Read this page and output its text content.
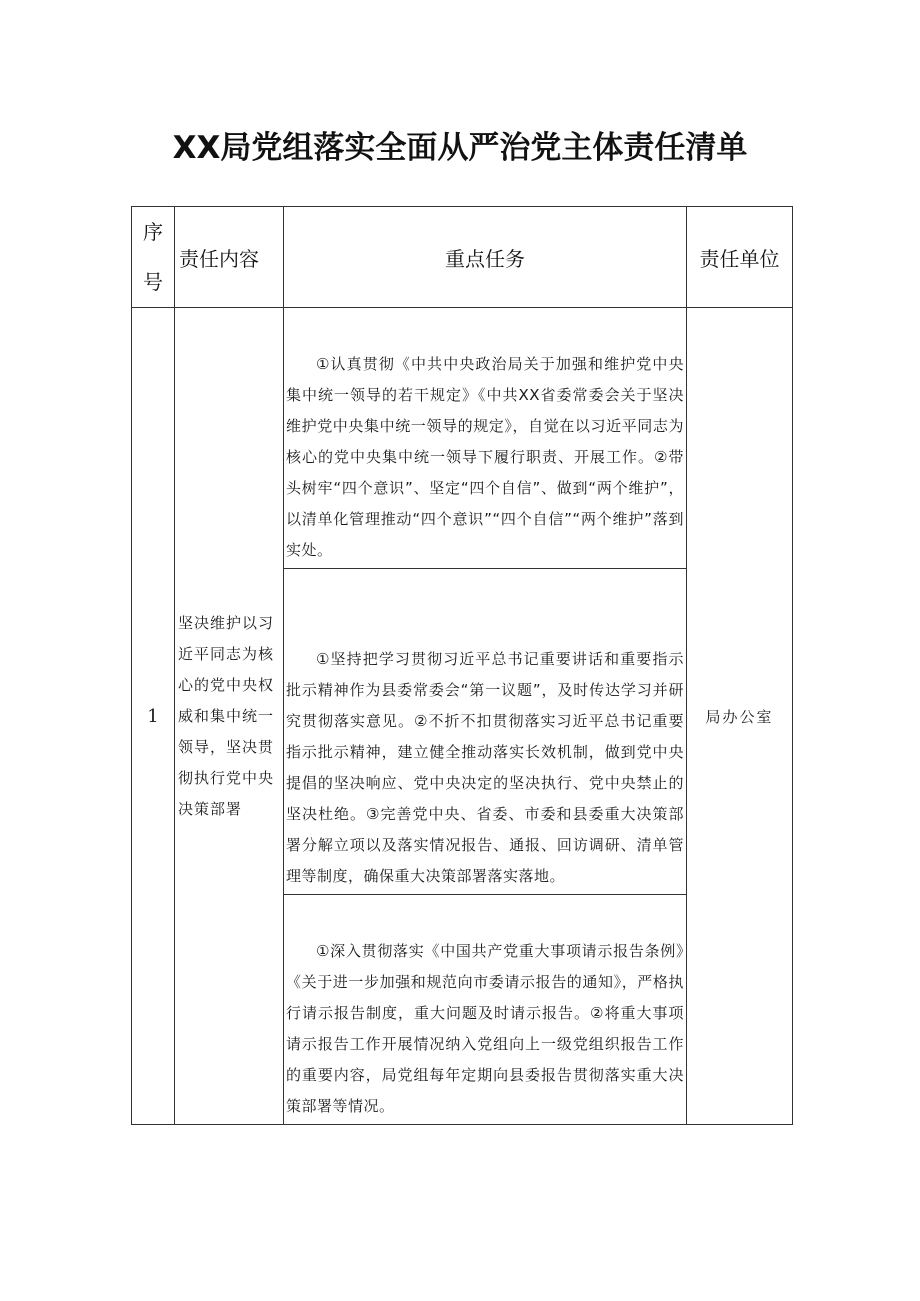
XX局党组落实全面从严治党主体责任清单
序
号	责任内容	重点任务	责任单位
1	坚决维护以习近平同志为核心的党中央权威和集中统一领导，坚决贯彻执行党中央决策部署	①认真贯彻《中共中央政治局关于加强和维护党中央集中统一领导的若干规定》《中共XX省委常委会关于坚决维护党中央集中统一领导的规定》，自觉在以习近平同志为核心的党中央集中统一领导下履行职责、开展工作。②带头树牢“四个意识”、坚定“四个自信”、做到“两个维护”，以清单化管理推动“四个意识”“四个自信”“两个维护”落到实处。	局办公室

		①坚持把学习贯彻习近平总书记重要讲话和重要指示批示精神作为县委常委会“第一议题”，及时传达学习并研究贯彻落实意见。②不折不扣贯彻落实习近平总书记重要指示批示精神，建立健全推动落实长效机制，做到党中央提倡的坚决响应、党中央决定的坚决执行、党中央禁止的坚决杜绝。③完善党中央、省委、市委和县委重大决策部署分解立项以及落实情况报告、通报、回访调研、清单管理等制度，确保重大决策部署落实落地。	

		①深入贯彻落实《中国共产党重大事项请示报告条例》《关于进一步加强和规范向市委请示报告的通知》，严格执行请示报告制度，重大问题及时请示报告。②将重大事项请示报告工作开展情况纳入党组向上一级党组织报告工作的重要内容，局党组每年定期向县委报告贯彻落实重大决策部署等情况。	
